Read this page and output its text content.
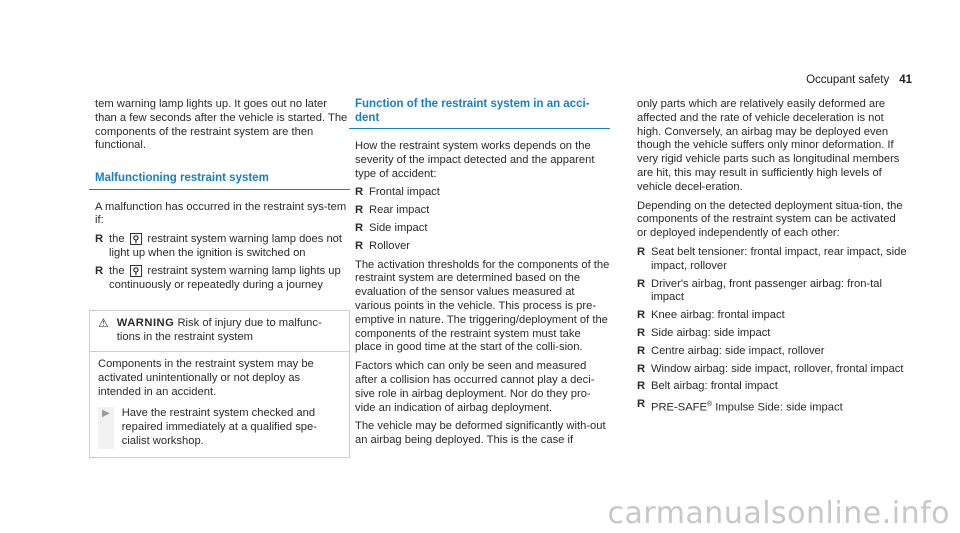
Occupant safety 41

tem warning lamp lights up. It goes out no later than a few seconds after the vehicle is started. The components of the restraint system are then functional.

Malfunctioning restraint system

A malfunction has occurred in the restraint sys-tem if:

R the ⚲ restraint system warning lamp does not light up when the ignition is switched on
R the ⚲ restraint system warning lamp lights up continuously or repeatedly during a journey
⚠ WARNING Risk of injury due to malfunc-tions in the restraint system

Components in the restraint system may be activated unintentionally or not deploy as intended in an accident.

▶	Have the restraint system checked and repaired immediately at a qualified spe-cialist workshop.
Function of the restraint system in an acci-dent

How the restraint system works depends on the severity of the impact detected and the apparent type of accident:

R Frontal impact
R Rear impact
R Side impact
R Rollover

The activation thresholds for the components of the restraint system are determined based on the evaluation of the sensor values measured at various points in the vehicle. This process is pre-emptive in nature. The triggering/deployment of the components of the restraint system must take place in good time at the start of the colli-sion.

Factors which can only be seen and measured after a collision has occurred cannot play a deci-sive role in airbag deployment. Nor do they pro-vide an indication of airbag deployment.

The vehicle may be deformed significantly with-out an airbag being deployed. This is the case if

only parts which are relatively easily deformed are affected and the rate of vehicle deceleration is not high. Conversely, an airbag may be deployed even though the vehicle suffers only minor deformation. If very rigid vehicle parts such as longitudinal members are hit, this may result in sufficiently high levels of vehicle decel-eration.

Depending on the detected deployment situa-tion, the components of the restraint system can be activated or deployed independently of each other:

R Seat belt tensioner: frontal impact, rear impact, side impact, rollover
R Driver's airbag, front passenger airbag: fron-tal impact
R Knee airbag: frontal impact
R Side airbag: side impact
R Centre airbag: side impact, rollover
R Window airbag: side impact, rollover, frontal impact
R Belt airbag: frontal impact
R PRE-SAFE® Impulse Side: side impact
carmanualsonline.info
